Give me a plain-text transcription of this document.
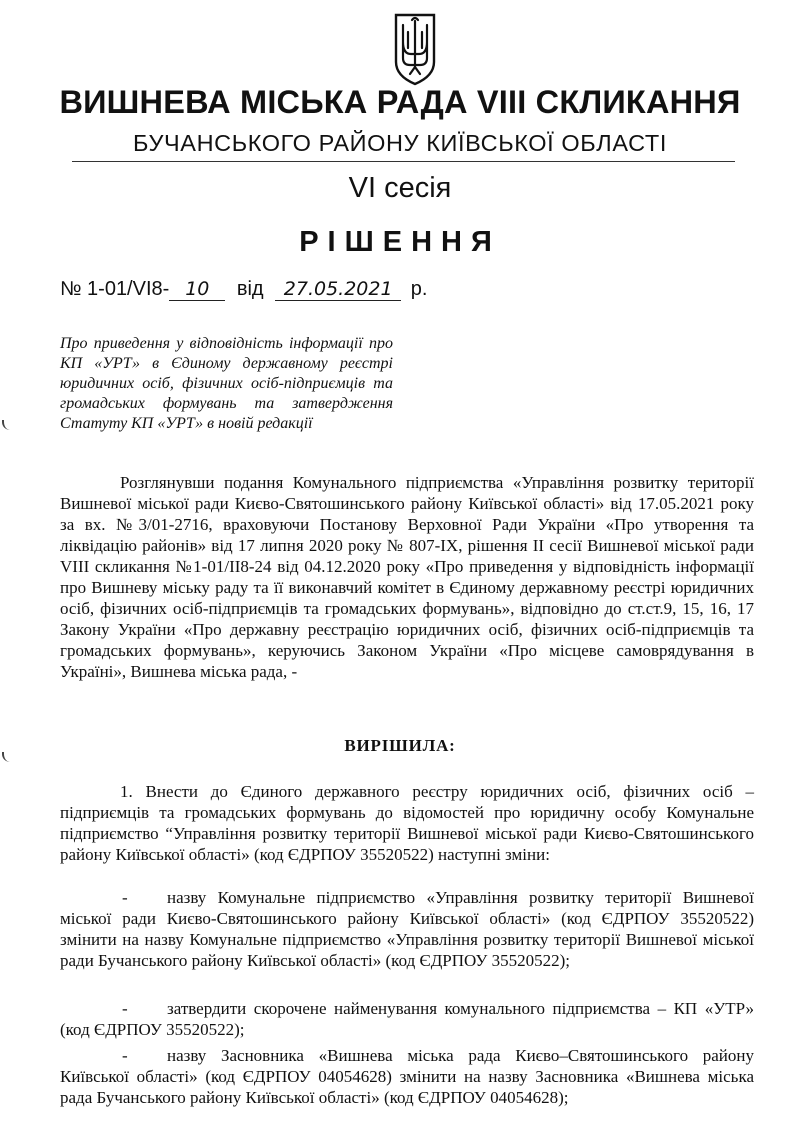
ВИШНЕВА МІСЬКА РАДА VIII СКЛИКАННЯ
БУЧАНСЬКОГО РАЙОНУ КИЇВСЬКОЇ ОБЛАСТІ
VI сесія
РІШЕННЯ
№ 1-01/VI8- 10 від 27.05.2021 р.
Про приведення у відповідність інформації про КП «УРТ» в Єдиному державному реєстрі юридичних осіб, фізичних осіб-підприємців та громадських формувань та затвердження Статуту КП «УРТ» в новій редакції
Розглянувши подання Комунального підприємства «Управління розвитку території Вишневої міської ради Києво-Святошинського району Київської області» від 17.05.2021 року за вх. №3/01-2716, враховуючи Постанову Верховної Ради України «Про утворення та ліквідацію районів» від 17 липня 2020 року № 807-IX, рішення ІІ сесії Вишневої міської ради VIII скликання №1-01/II8-24 від 04.12.2020 року «Про приведення у відповідність інформації про Вишневу міську раду та її виконавчий комітет в Єдиному державному реєстрі юридичних осіб, фізичних осіб-підприємців та громадських формувань», відповідно до ст.ст.9, 15, 16, 17 Закону України «Про державну реєстрацію юридичних осіб, фізичних осіб-підприємців та громадських формувань», керуючись Законом України «Про місцеве самоврядування в Україні», Вишнева міська рада, -
ВИРІШИЛА:
1. Внести до Єдиного державного реєстру юридичних осіб, фізичних осіб – підприємців та громадських формувань до відомостей про юридичну особу Комунальне підприємство “Управління розвитку території Вишневої міської ради Києво-Святошинського району Київської області» (код ЄДРПОУ 35520522) наступні зміни:
- назву Комунальне підприємство «Управління розвитку території Вишневої міської ради Києво-Святошинського району Київської області» (код ЄДРПОУ 35520522) змінити на назву Комунальне підприємство «Управління розвитку території Вишневої міської ради Бучанського району Київської області» (код ЄДРПОУ 35520522);
- затвердити скорочене найменування комунального підприємства – КП «УТР» (код ЄДРПОУ 35520522);
- назву Засновника «Вишнева міська рада Києво–Святошинського району Київської області» (код ЄДРПОУ 04054628) змінити на назву Засновника «Вишнева міська рада Бучанського району Київської області» (код ЄДРПОУ 04054628);
